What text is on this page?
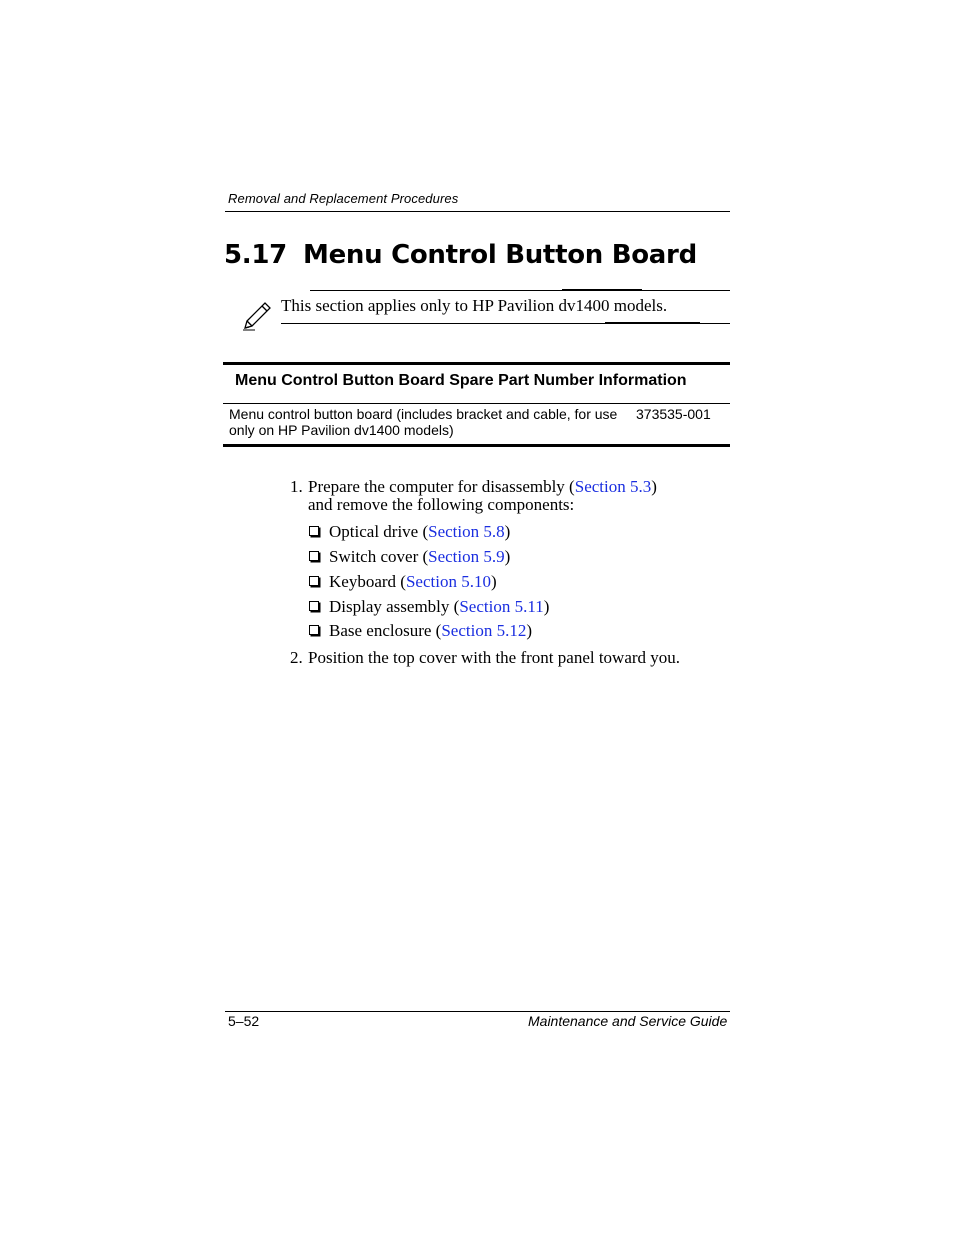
Removal and Replacement Procedures
5.17 Menu Control Button Board
This section applies only to HP Pavilion dv1400 models.
Menu Control Button Board Spare Part Number Information
Menu control button board (includes bracket and cable, for use only on HP Pavilion dv1400 models)
373535-001
1. Prepare the computer for disassembly (Section 5.3)
and remove the following components:
Optical drive (Section 5.8)
Switch cover (Section 5.9)
Keyboard (Section 5.10)
Display assembly (Section 5.11)
Base enclosure (Section 5.12)
2. Position the top cover with the front panel toward you.
5–52	Maintenance and Service Guide
